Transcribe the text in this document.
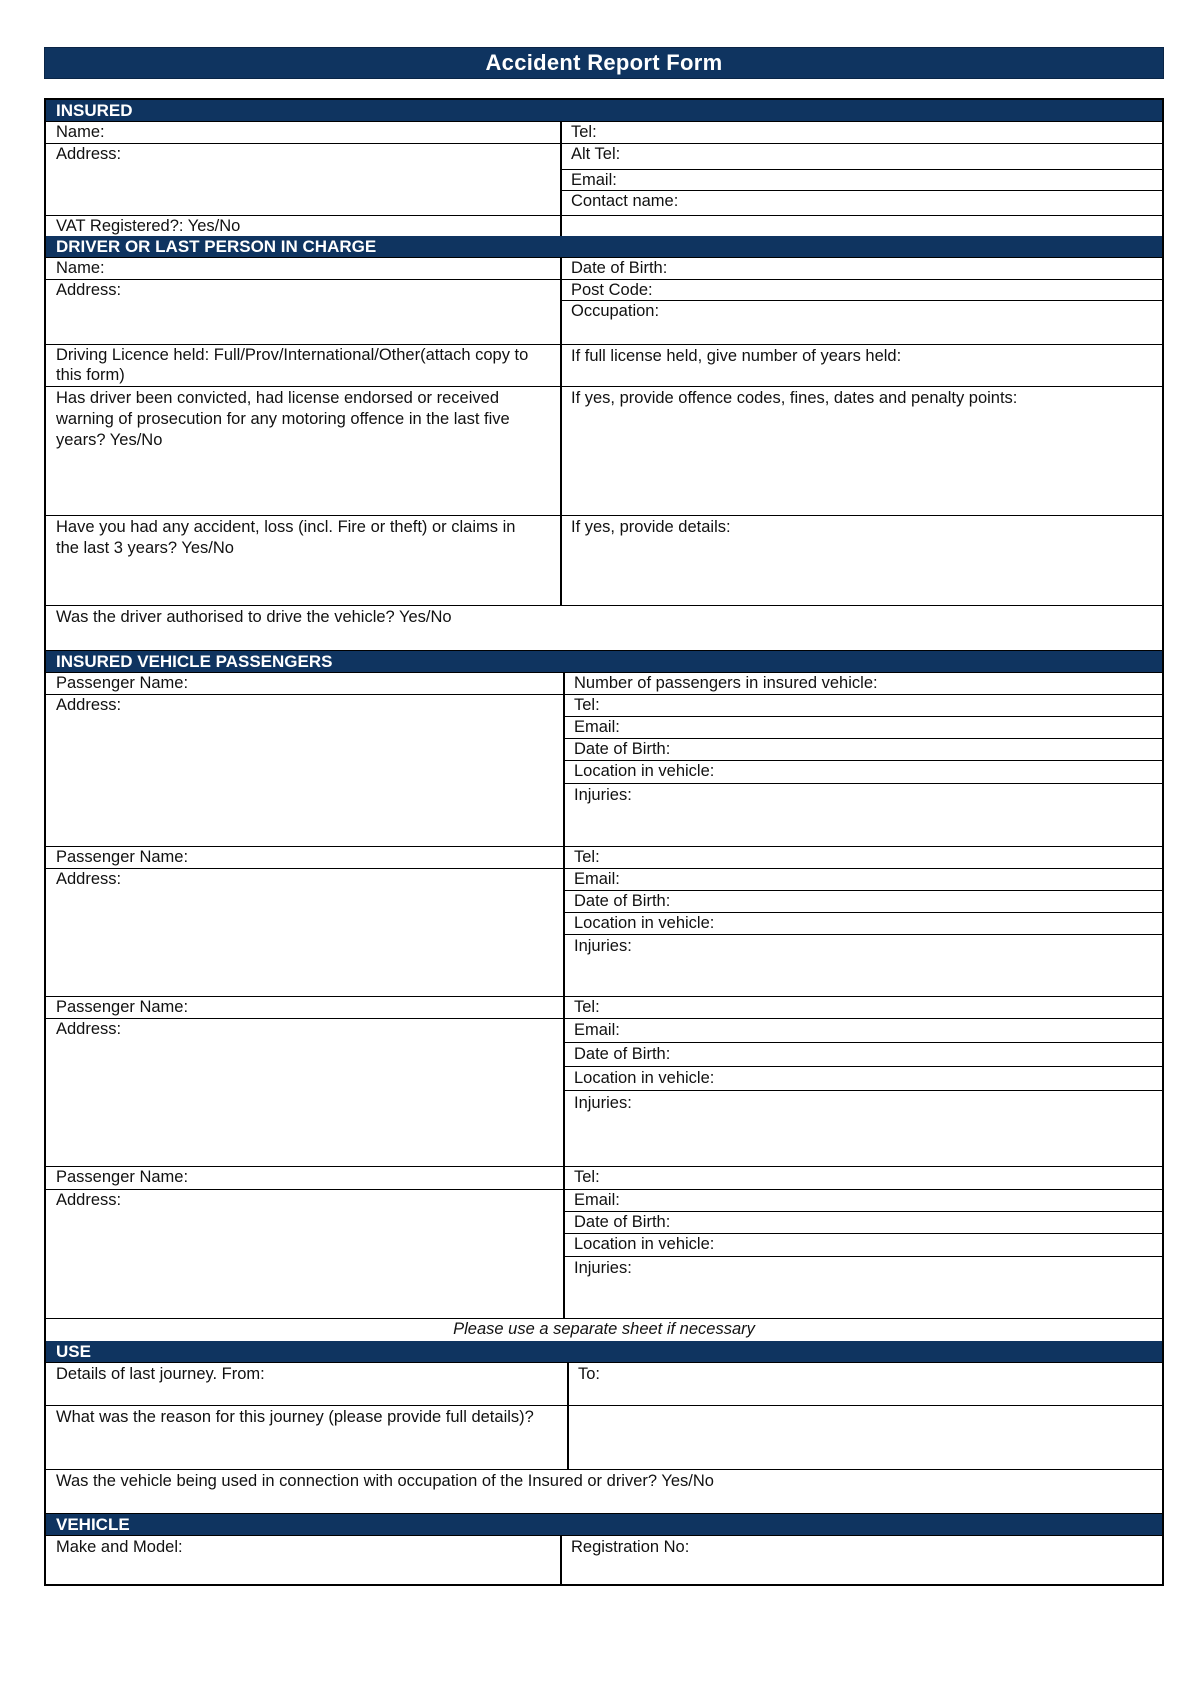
Accident Report Form
INSURED
Name:
Address:
VAT Registered?: Yes/No
Tel:
Alt Tel:
Email:
Contact name:
DRIVER OR LAST PERSON IN CHARGE
Name:
Address:
Driving Licence held: Full/Prov/International/Other(attach copy to this form)
Has driver been convicted, had license endorsed or received warning of prosecution for any motoring offence in the last five years? Yes/No
Have you had any accident, loss (incl. Fire or theft) or claims in the last 3 years? Yes/No
Was the driver authorised to drive the vehicle? Yes/No
Date of Birth:
Post Code:
Occupation:
If full license held, give number of years held:
If yes, provide offence codes, fines, dates and penalty points:
If yes, provide details:
INSURED VEHICLE PASSENGERS
Passenger Name:
Address:
Number of passengers in insured vehicle:
Tel:
Email:
Date of Birth:
Location in vehicle:
Injuries:
Passenger Name:
Address:
Tel:
Email:
Date of Birth:
Location in vehicle:
Injuries:
Passenger Name:
Address:
Tel:
Email:
Date of Birth:
Location in vehicle:
Injuries:
Passenger Name:
Address:
Tel:
Email:
Date of Birth:
Location in vehicle:
Injuries:
Please use a separate sheet if necessary
USE
Details of last journey. From:	To:
What was the reason for this journey (please provide full details)?
Was the vehicle being used in connection with occupation of the Insured or driver? Yes/No
VEHICLE
Make and Model:	Registration No:
